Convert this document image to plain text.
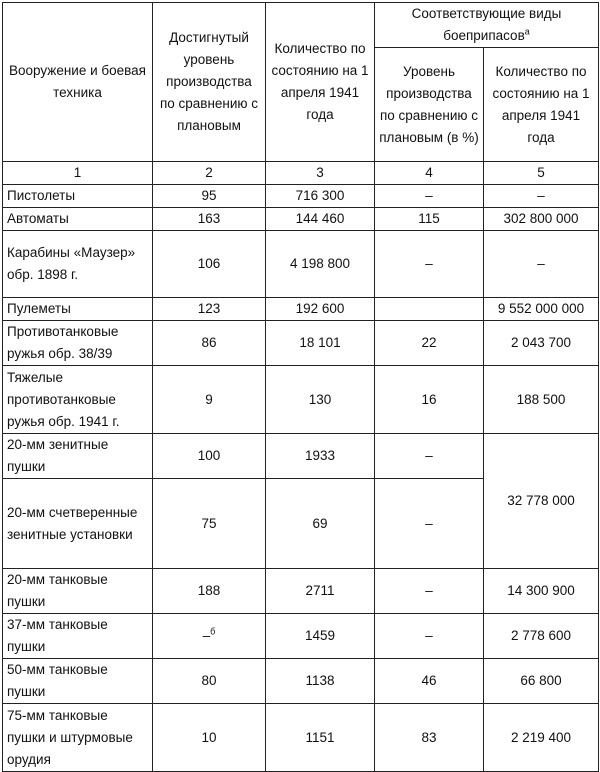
Вооружение и боевая техника	Достигнутый уровень производства по сравнению с плановым	Количество по состоянию на 1 апреля 1941 года	Соответствующие виды боеприпасов$^а$
			Уровень производства по сравнению с плановым (в %)	Количество по состоянию на 1 апреля 1941 года
1	2	3	4	5
Пистолеты	95	716 300	–	–
Автоматы	163	144 460	115	302 800 000
Карабины «Маузер» обр. 1898 г.	106	4 198 800	–	–
Пулеметы	123	192 600		9 552 000 000
Противотанковые ружья обр. 38/39	86	18 101	22	2 043 700
Тяжелые противотанковые ружья обр. 1941 г.	9	130	16	188 500
20-мм зенитные пушки	100	1933	–	32 778 000
20-мм счетверенные зенитные установки	75	69	–	
20-мм танковые пушки	188	2711	–	14 300 900
37-мм танковые пушки	–$^б$	1459	–	2 778 600
50-мм танковые пушки	80	1138	46	66 800
75-мм танковые пушки и штурмовые орудия	10	1151	83	2 219 400
